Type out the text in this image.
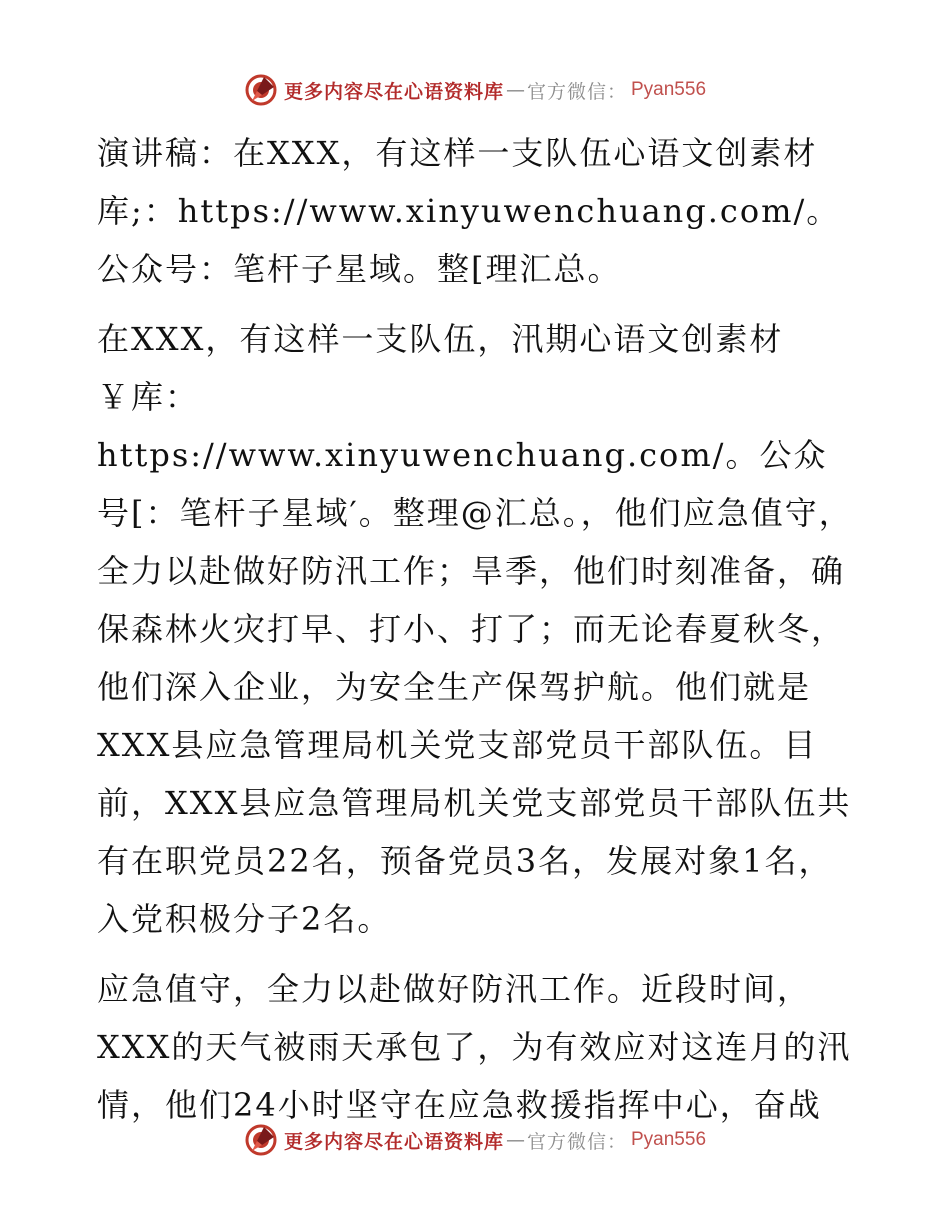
更多内容尽在心语资料库 — 官方微信： Pyan556

演讲稿：在XXX，有这样一支队伍心语文创素材库;：https://www.xinyuwenchuang.com/。公众号：笔杆子星域。整[理汇总。

在XXX，有这样一支队伍，汛期心语文创素材￥库：https://www.xinyuwenchuang.com/。公众号[：笔杆子星域′。整理@汇总。，他们应急值守，全力以赴做好防汛工作；旱季，他们时刻准备，确保森林火灾打早、打小、打了；而无论春夏秋冬，他们深入企业，为安全生产保驾护航。他们就是XXX县应急管理局机关党支部党员干部队伍。目前，XXX县应急管理局机关党支部党员干部队伍共有在职党员22名，预备党员3名，发展对象1名，入党积极分子2名。

应急值守，全力以赴做好防汛工作。近段时间，XXX的天气被雨天承包了，为有效应对这连月的汛情，他们24小时坚守在应急救援指挥中心，奋战

更多内容尽在心语资料库 — 官方微信： Pyan556
